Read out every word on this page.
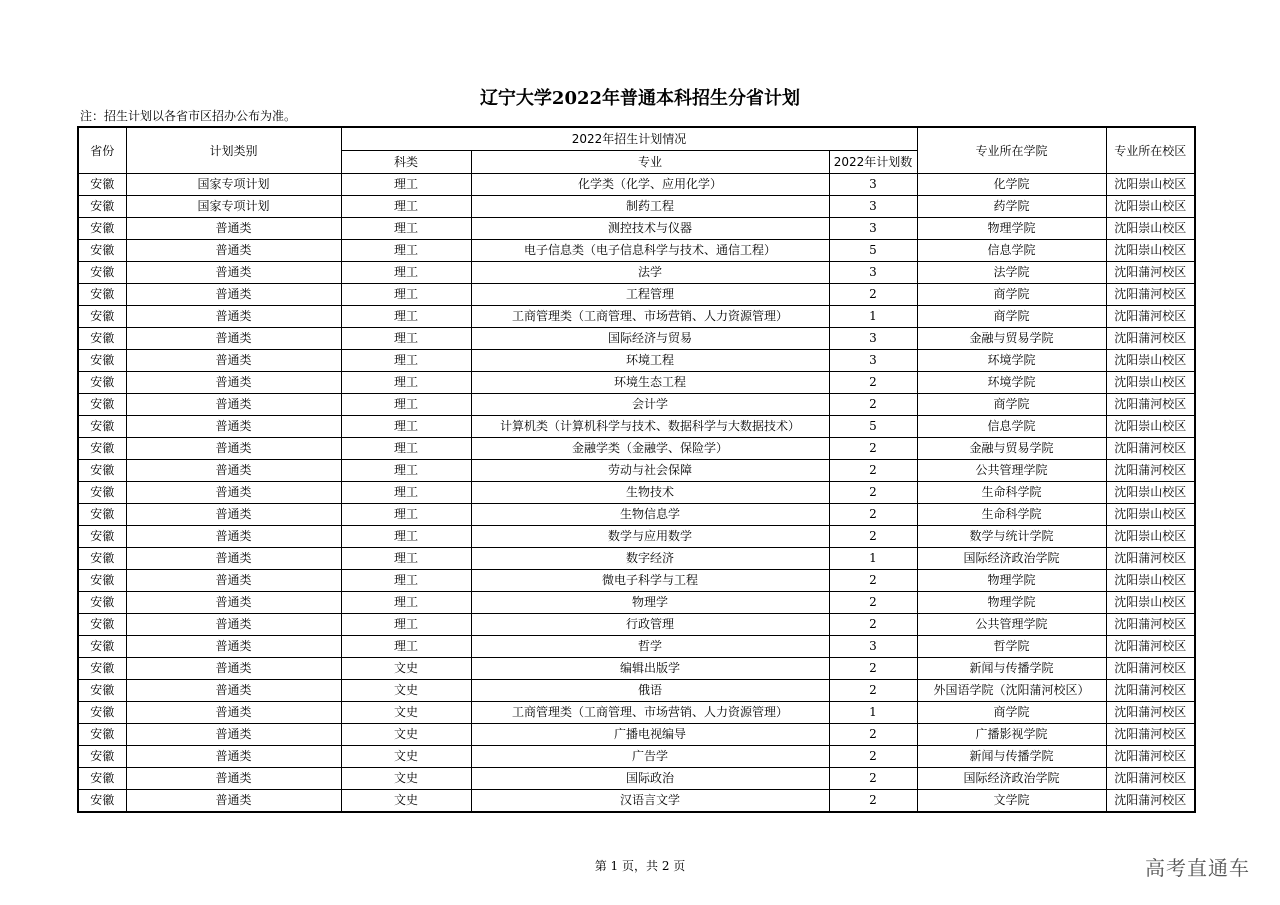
辽宁大学2022年普通本科招生分省计划
注：招生计划以各省市区招办公布为准。
省份	计划类别	2022年招生计划情况			专业所在学院	专业所在校区
		科类	专业	2022年计划数		
安徽	国家专项计划	理工	化学类（化学、应用化学）	3	化学院	沈阳崇山校区
安徽	国家专项计划	理工	制药工程	3	药学院	沈阳崇山校区
安徽	普通类	理工	测控技术与仪器	3	物理学院	沈阳崇山校区
安徽	普通类	理工	电子信息类（电子信息科学与技术、通信工程）	5	信息学院	沈阳崇山校区
安徽	普通类	理工	法学	3	法学院	沈阳蒲河校区
安徽	普通类	理工	工程管理	2	商学院	沈阳蒲河校区
安徽	普通类	理工	工商管理类（工商管理、市场营销、人力资源管理）	1	商学院	沈阳蒲河校区
安徽	普通类	理工	国际经济与贸易	3	金融与贸易学院	沈阳蒲河校区
安徽	普通类	理工	环境工程	3	环境学院	沈阳崇山校区
安徽	普通类	理工	环境生态工程	2	环境学院	沈阳崇山校区
安徽	普通类	理工	会计学	2	商学院	沈阳蒲河校区
安徽	普通类	理工	计算机类（计算机科学与技术、数据科学与大数据技术）	5	信息学院	沈阳崇山校区
安徽	普通类	理工	金融学类（金融学、保险学）	2	金融与贸易学院	沈阳蒲河校区
安徽	普通类	理工	劳动与社会保障	2	公共管理学院	沈阳蒲河校区
安徽	普通类	理工	生物技术	2	生命科学院	沈阳崇山校区
安徽	普通类	理工	生物信息学	2	生命科学院	沈阳崇山校区
安徽	普通类	理工	数学与应用数学	2	数学与统计学院	沈阳崇山校区
安徽	普通类	理工	数字经济	1	国际经济政治学院	沈阳蒲河校区
安徽	普通类	理工	微电子科学与工程	2	物理学院	沈阳崇山校区
安徽	普通类	理工	物理学	2	物理学院	沈阳崇山校区
安徽	普通类	理工	行政管理	2	公共管理学院	沈阳蒲河校区
安徽	普通类	理工	哲学	3	哲学院	沈阳蒲河校区
安徽	普通类	文史	编辑出版学	2	新闻与传播学院	沈阳蒲河校区
安徽	普通类	文史	俄语	2	外国语学院（沈阳蒲河校区）	沈阳蒲河校区
安徽	普通类	文史	工商管理类（工商管理、市场营销、人力资源管理）	1	商学院	沈阳蒲河校区
安徽	普通类	文史	广播电视编导	2	广播影视学院	沈阳蒲河校区
安徽	普通类	文史	广告学	2	新闻与传播学院	沈阳蒲河校区
安徽	普通类	文史	国际政治	2	国际经济政治学院	沈阳蒲河校区
安徽	普通类	文史	汉语言文学	2	文学院	沈阳蒲河校区
第 1 页，共 2 页	高考直通车
